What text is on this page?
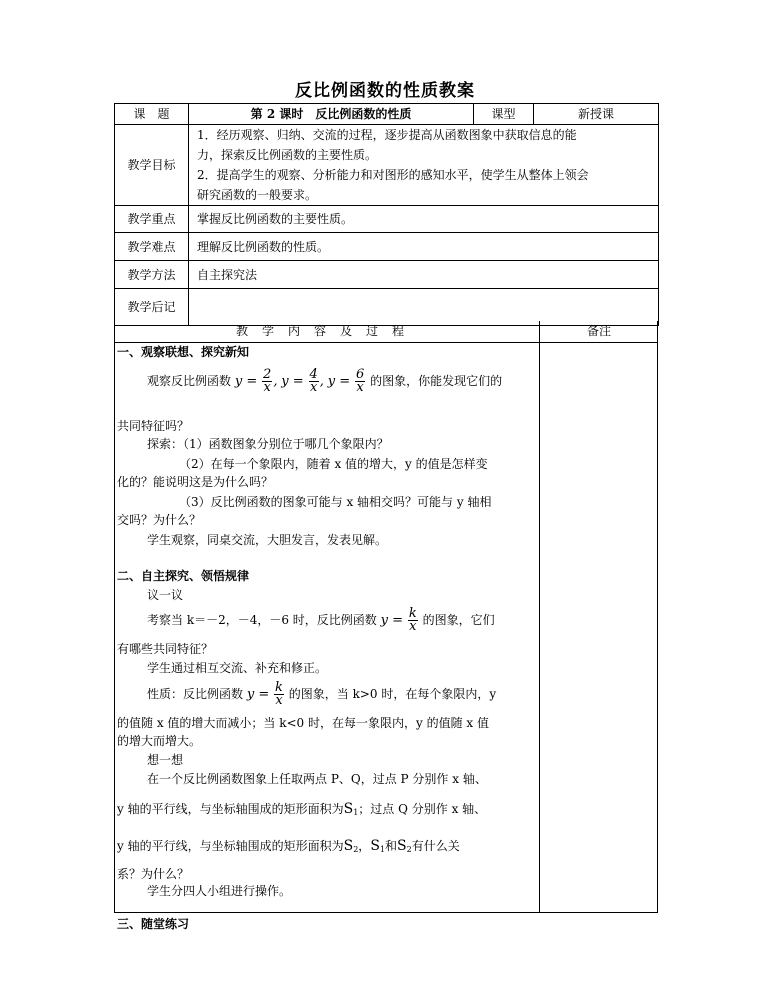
反比例函数的性质教案
课　题	第 2 课时　反比例函数的性质	课型	新授课
教学目标	1．经历观察、归纳、交流的过程，逐步提高从函数图象中获取信息的能
力，探索反比例函数的主要性质。
2．提高学生的观察、分析能力和对图形的感知水平，使学生从整体上领会
研究函数的一般要求。		

教学重点	掌握反比例函数的主要性质。		
教学难点	理解反比例函数的性质。		
教学方法	自主探究法		
教学后记			
教学内容及过程	备注
一、观察联想、探究新知
观察反比例函数 $y = \frac{2}{x}$ , $y = \frac{4}{x}$ , $y = \frac{6}{x}$ 的图象，你能发现它们的
共同特征吗？
探索：（1）函数图象分别位于哪几个象限内？
（2）在每一个象限内，随着 x 值的增大，y 的值是怎样变
化的？能说明这是为什么吗？
（3）反比例函数的图象可能与 x 轴相交吗？可能与 y 轴相
交吗？为什么？
学生观察，同桌交流，大胆发言，发表见解。
二、自主探究、领悟规律
议一议
考察当 k＝－2，－4，－6 时，反比例函数 $y = \frac{k}{x}$ 的图象，它们
有哪些共同特征？
学生通过相互交流、补充和修正。
性质：反比例函数 $y = \frac{k}{x}$ 的图象，当 k>0 时，在每个象限内，y
的值随 x 值的增大而减小；当 k<0 时，在每一象限内，y 的值随 x 值
的增大而增大。
想一想
在一个反比例函数图象上任取两点 P、Q，过点 P 分别作 x 轴、
y 轴的平行线，与坐标轴围成的矩形面积为$S_1$；过点 Q 分别作 x 轴、
y 轴的平行线，与坐标轴围成的矩形面积为$S_2$，$S_1$和$S_2$有什么关
系？为什么？
学生分四人小组进行操作。
三、随堂练习
